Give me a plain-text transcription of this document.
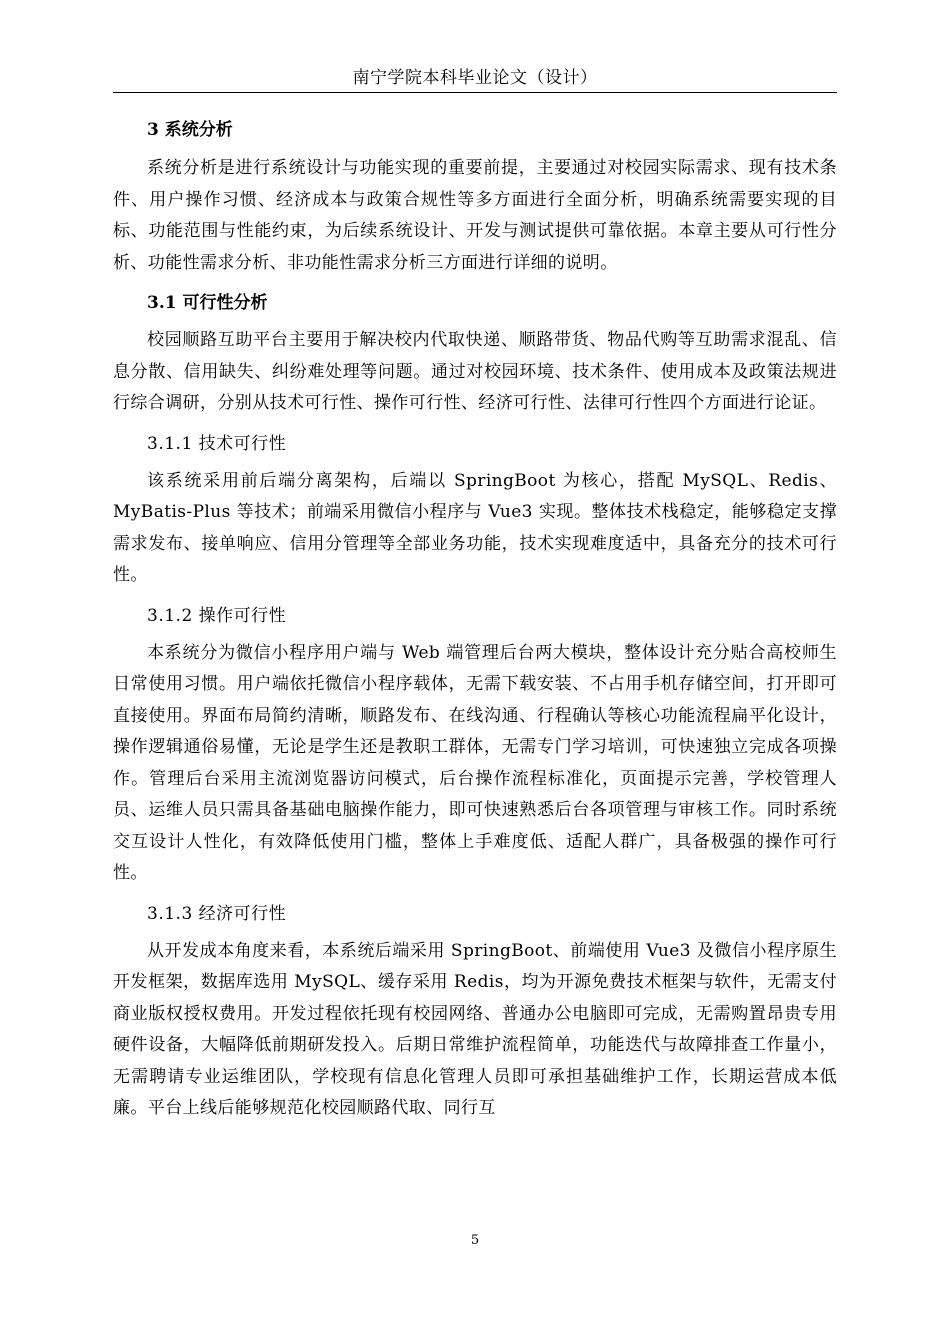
南宁学院本科毕业论文（设计）
3 系统分析

系统分析是进行系统设计与功能实现的重要前提，主要通过对校园实际需求、现有技术条件、用户操作习惯、经济成本与政策合规性等多方面进行全面分析，明确系统需要实现的目标、功能范围与性能约束，为后续系统设计、开发与测试提供可靠依据。本章主要从可行性分析、功能性需求分析、非功能性需求分析三方面进行详细的说明。

3.1 可行性分析

校园顺路互助平台主要用于解决校内代取快递、顺路带货、物品代购等互助需求混乱、信息分散、信用缺失、纠纷难处理等问题。通过对校园环境、技术条件、使用成本及政策法规进行综合调研，分别从技术可行性、操作可行性、经济可行性、法律可行性四个方面进行论证。

3.1.1 技术可行性

该系统采用前后端分离架构，后端以 SpringBoot 为核心，搭配 MySQL、Redis、MyBatis-Plus 等技术；前端采用微信小程序与 Vue3 实现。整体技术栈稳定，能够稳定支撑需求发布、接单响应、信用分管理等全部业务功能，技术实现难度适中，具备充分的技术可行性。

3.1.2 操作可行性

本系统分为微信小程序用户端与 Web 端管理后台两大模块，整体设计充分贴合高校师生日常使用习惯。用户端依托微信小程序载体，无需下载安装、不占用手机存储空间，打开即可直接使用。界面布局简约清晰，顺路发布、在线沟通、行程确认等核心功能流程扁平化设计，操作逻辑通俗易懂，无论是学生还是教职工群体，无需专门学习培训，可快速独立完成各项操作。管理后台采用主流浏览器访问模式，后台操作流程标准化，页面提示完善，学校管理人员、运维人员只需具备基础电脑操作能力，即可快速熟悉后台各项管理与审核工作。同时系统交互设计人性化，有效降低使用门槛，整体上手难度低、适配人群广，具备极强的操作可行性。

3.1.3 经济可行性

从开发成本角度来看，本系统后端采用 SpringBoot、前端使用 Vue3 及微信小程序原生开发框架，数据库选用 MySQL、缓存采用 Redis，均为开源免费技术框架与软件，无需支付商业版权授权费用。开发过程依托现有校园网络、普通办公电脑即可完成，无需购置昂贵专用硬件设备，大幅降低前期研发投入。后期日常维护流程简单，功能迭代与故障排查工作量小，无需聘请专业运维团队，学校现有信息化管理人员即可承担基础维护工作，长期运营成本低廉。平台上线后能够规范化校园顺路代取、同行互

5
